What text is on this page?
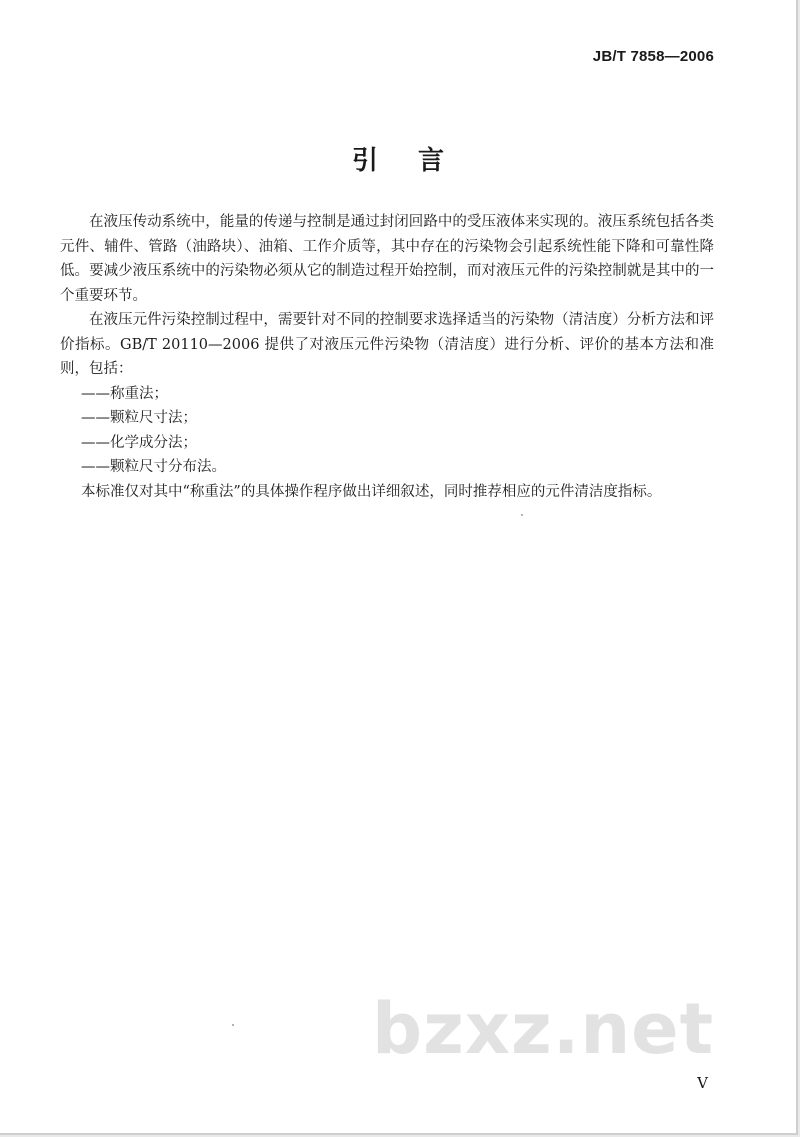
JB/T 7858—2006
引言

在液压传动系统中，能量的传递与控制是通过封闭回路中的受压液体来实现的。液压系统包括各类元件、辅件、管路（油路块）、油箱、工作介质等，其中存在的污染物会引起系统性能下降和可靠性降低。要减少液压系统中的污染物必须从它的制造过程开始控制，而对液压元件的污染控制就是其中的一个重要环节。

在液压元件污染控制过程中，需要针对不同的控制要求选择适当的污染物（清洁度）分析方法和评价指标。GB/T 20110—2006 提供了对液压元件污染物（清洁度）进行分析、评价的基本方法和准则，包括：

——称重法；
——颗粒尺寸法；
——化学成分法；
——颗粒尺寸分布法。

本标准仅对其中“称重法”的具体操作程序做出详细叙述，同时推荐相应的元件清洁度指标。

bzxz.net
V
